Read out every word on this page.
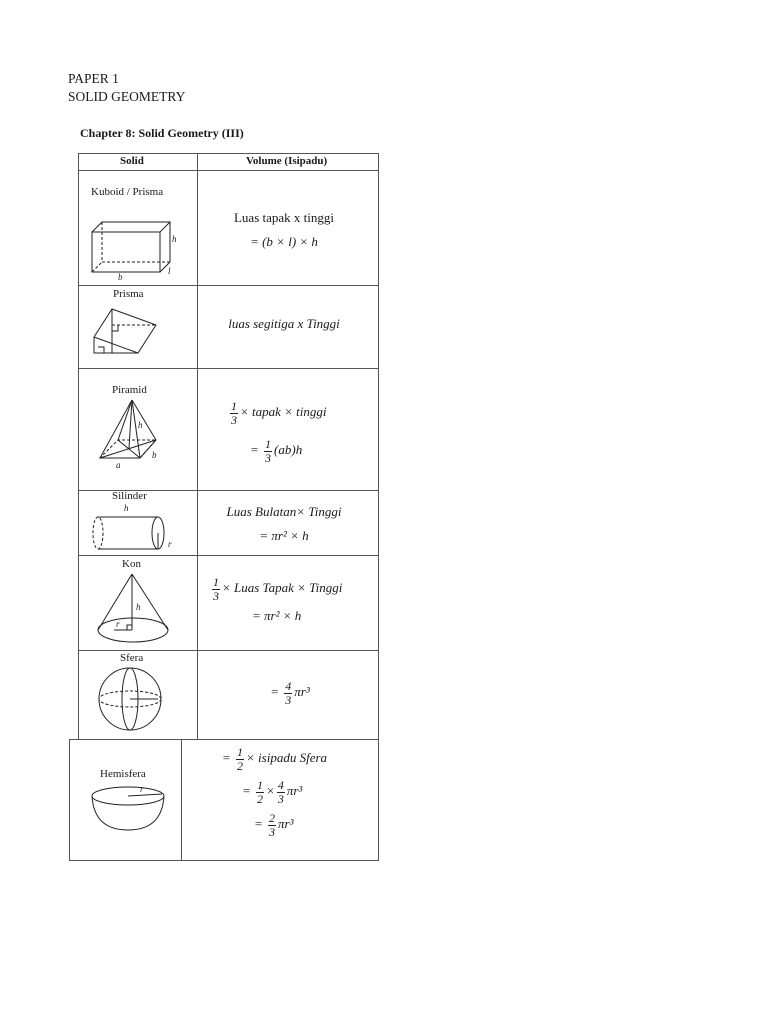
PAPER 1
SOLID GEOMETRY
Chapter 8: Solid Geometry (III)
Solid	Volume (Isipadu)
Kuboid / Prisma
h
l
b
Luas tapak x tinggi
= (b × l) × h
Prisma
luas segitiga x Tinggi
Piramid
h
a
b
$\frac{1}{3}$ × tapak × tinggi
= $\frac{1}{3} (ab)h$
Silinder
h
r
Luas Bulatan× Tinggi
= πr² × h
Kon
h
r
$\frac{1}{3}$ × Luas Tapak × Tinggi
= πr² × h
Sfera
= $\frac{4}{3} \pi r^3$
Hemisfera
r
= $\frac{1}{2}$ × isipadu Sfera
= $\frac{1}{2} \times \frac{4}{3} \pi r^3$
= $\frac{2}{3} \pi r^3$
